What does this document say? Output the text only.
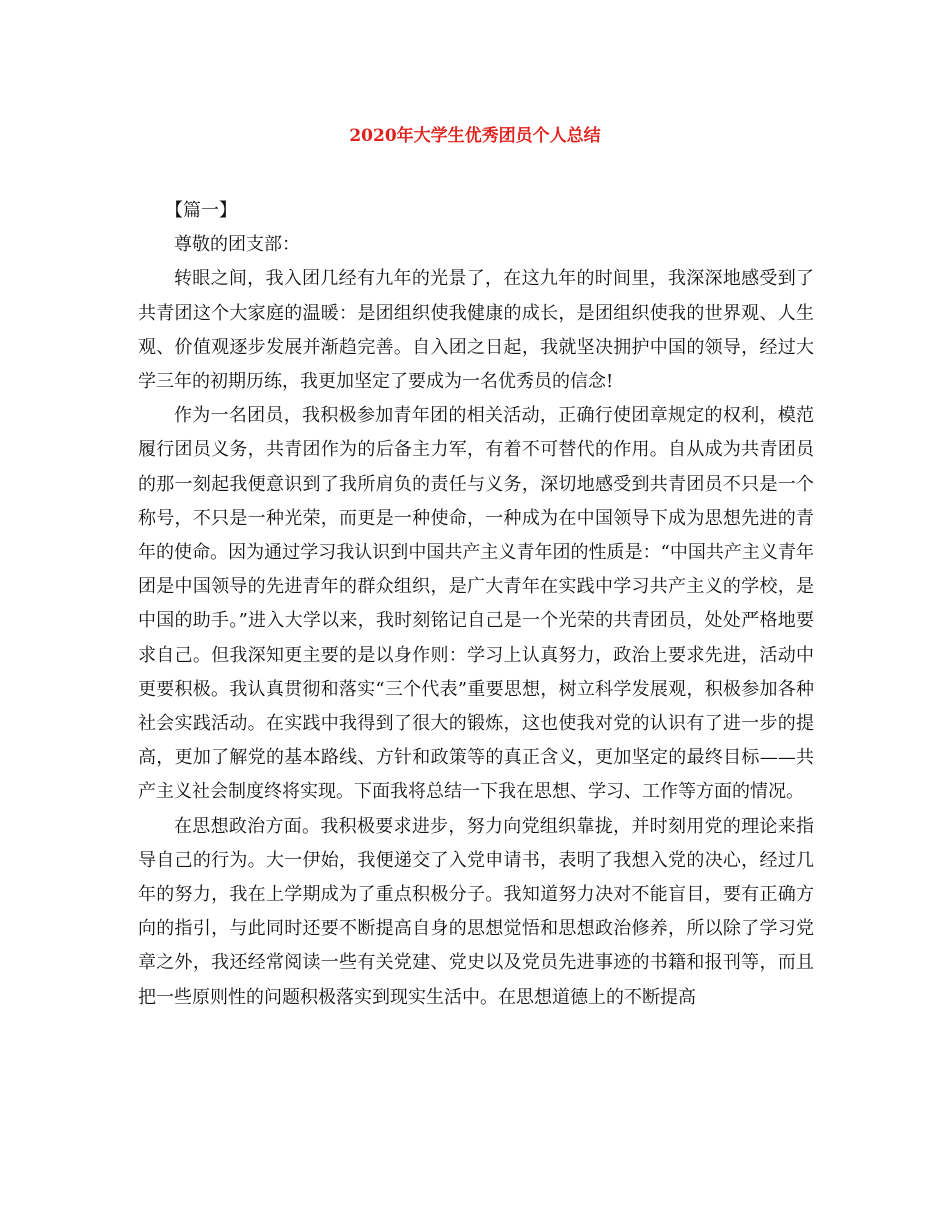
2020年大学生优秀团员个人总结

【篇一】

尊敬的团支部：

转眼之间，我入团几经有九年的光景了，在这九年的时间里，我深深地感受到了共青团这个大家庭的温暖：是团组织使我健康的成长，是团组织使我的世界观、人生观、价值观逐步发展并渐趋完善。自入团之日起，我就坚决拥护中国的领导，经过大学三年的初期历练，我更加坚定了要成为一名优秀员的信念!

作为一名团员，我积极参加青年团的相关活动，正确行使团章规定的权利，模范履行团员义务，共青团作为的后备主力军，有着不可替代的作用。自从成为共青团员的那一刻起我便意识到了我所肩负的责任与义务，深切地感受到共青团员不只是一个称号，不只是一种光荣，而更是一种使命，一种成为在中国领导下成为思想先进的青年的使命。因为通过学习我认识到中国共产主义青年团的性质是：“中国共产主义青年团是中国领导的先进青年的群众组织，是广大青年在实践中学习共产主义的学校，是中国的助手。”进入大学以来，我时刻铭记自己是一个光荣的共青团员，处处严格地要求自己。但我深知更主要的是以身作则：学习上认真努力，政治上要求先进，活动中更要积极。我认真贯彻和落实“三个代表”重要思想，树立科学发展观，积极参加各种社会实践活动。在实践中我得到了很大的锻炼，这也使我对党的认识有了进一步的提高，更加了解党的基本路线、方针和政策等的真正含义，更加坚定的最终目标——共产主义社会制度终将实现。下面我将总结一下我在思想、学习、工作等方面的情况。

在思想政治方面。我积极要求进步，努力向党组织靠拢，并时刻用党的理论来指导自己的行为。大一伊始，我便递交了入党申请书，表明了我想入党的决心，经过几年的努力，我在上学期成为了重点积极分子。我知道努力决对不能盲目，要有正确方向的指引，与此同时还要不断提高自身的思想觉悟和思想政治修养，所以除了学习党章之外，我还经常阅读一些有关党建、党史以及党员先进事迹的书籍和报刊等，而且把一些原则性的问题积极落实到现实生活中。在思想道德上的不断提高
